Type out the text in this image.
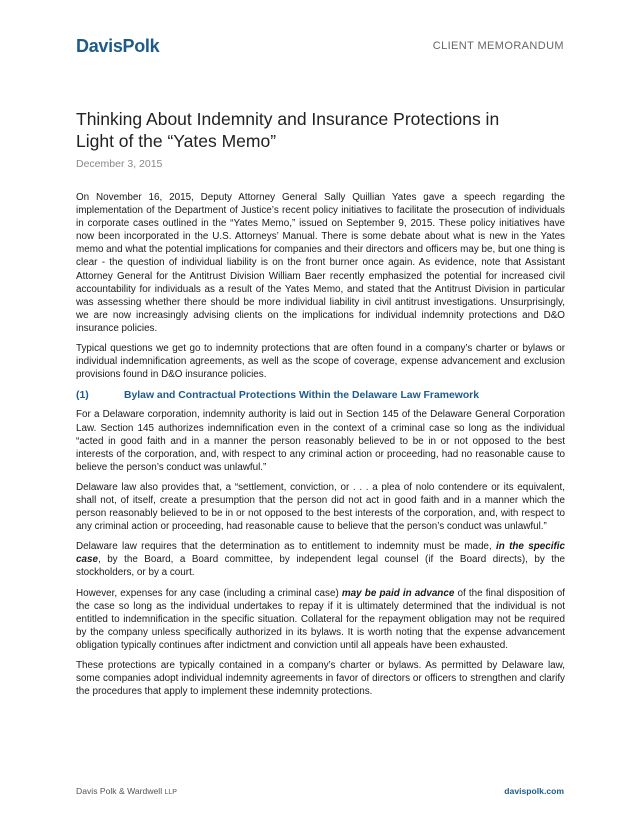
DavisPolk	CLIENT MEMORANDUM
Thinking About Indemnity and Insurance Protections in
Light of the “Yates Memo”
December 3, 2015

On November 16, 2015, Deputy Attorney General Sally Quillian Yates gave a speech regarding the implementation of the Department of Justice’s recent policy initiatives to facilitate the prosecution of individuals in corporate cases outlined in the “Yates Memo,” issued on September 9, 2015. These policy initiatives have now been incorporated in the U.S. Attorneys’ Manual. There is some debate about what is new in the Yates memo and what the potential implications for companies and their directors and officers may be, but one thing is clear - the question of individual liability is on the front burner once again. As evidence, note that Assistant Attorney General for the Antitrust Division William Baer recently emphasized the potential for increased civil accountability for individuals as a result of the Yates Memo, and stated that the Antitrust Division in particular was assessing whether there should be more individual liability in civil antitrust investigations. Unsurprisingly, we are now increasingly advising clients on the implications for individual indemnity protections and D&O insurance policies.

Typical questions we get go to indemnity protections that are often found in a company’s charter or bylaws or individual indemnification agreements, as well as the scope of coverage, expense advancement and exclusion provisions found in D&O insurance policies.

(1)	Bylaw and Contractual Protections Within the Delaware Law Framework

For a Delaware corporation, indemnity authority is laid out in Section 145 of the Delaware General Corporation Law. Section 145 authorizes indemnification even in the context of a criminal case so long as the individual “acted in good faith and in a manner the person reasonably believed to be in or not opposed to the best interests of the corporation, and, with respect to any criminal action or proceeding, had no reasonable cause to believe the person’s conduct was unlawful.”

Delaware law also provides that, a “settlement, conviction, or . . . a plea of nolo contendere or its equivalent, shall not, of itself, create a presumption that the person did not act in good faith and in a manner which the person reasonably believed to be in or not opposed to the best interests of the corporation, and, with respect to any criminal action or proceeding, had reasonable cause to believe that the person’s conduct was unlawful.”

Delaware law requires that the determination as to entitlement to indemnity must be made, in the specific case, by the Board, a Board committee, by independent legal counsel (if the Board directs), by the stockholders, or by a court.

However, expenses for any case (including a criminal case) may be paid in advance of the final disposition of the case so long as the individual undertakes to repay if it is ultimately determined that the individual is not entitled to indemnification in the specific situation. Collateral for the repayment obligation may not be required by the company unless specifically authorized in its bylaws. It is worth noting that the expense advancement obligation typically continues after indictment and conviction until all appeals have been exhausted.

These protections are typically contained in a company’s charter or bylaws. As permitted by Delaware law, some companies adopt individual indemnity agreements in favor of directors or officers to strengthen and clarify the procedures that apply to implement these indemnity protections.

Davis Polk & Wardwell LLP	davispolk.com
